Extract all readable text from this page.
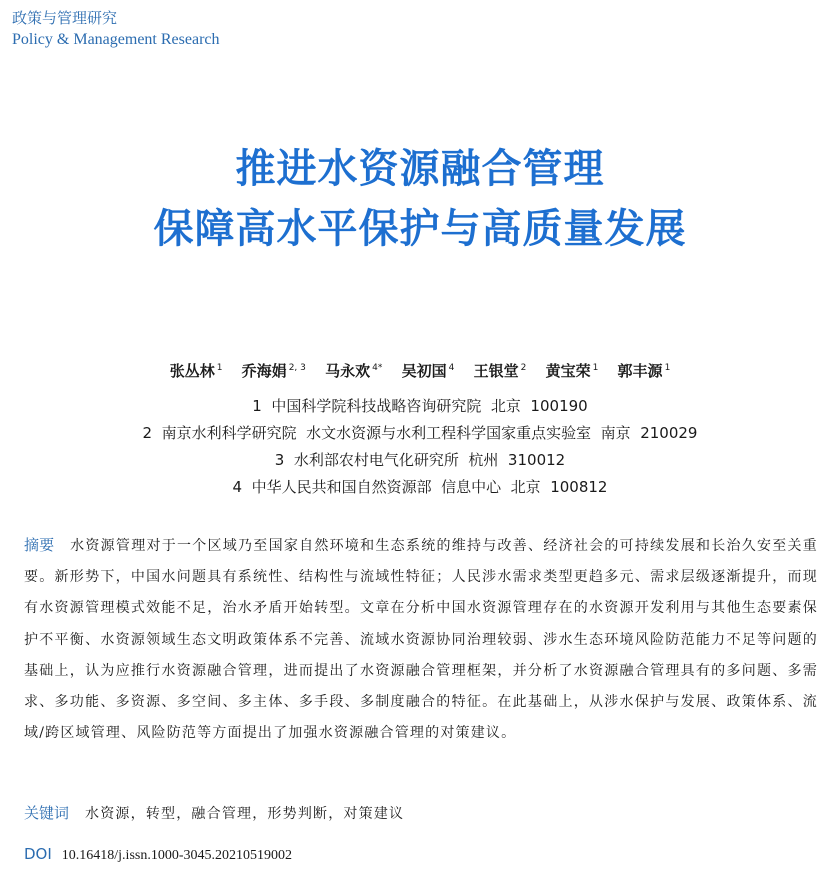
政策与管理研究
Policy & Management Research
推进水资源融合管理
保障高水平保护与高质量发展
张丛林 $^1$ 乔海娟 $^{2, 3}$ 马永欢 $^{4*}$ 吴初国 $^4$ 王银堂 $^2$ 黄宝荣 $^1$ 郭丰源 $^1$
1  中国科学院科技战略咨询研究院  北京  100190
2  南京水利科学研究院  水文水资源与水利工程科学国家重点实验室  南京  210029
3  水利部农村电气化研究所  杭州  310012
4  中华人民共和国自然资源部  信息中心  北京  100812
摘要 水资源管理对于一个区域乃至国家自然环境和生态系统的维持与改善、经济社会的可持续发展和长治久安至关重要。新形势下，中国水问题具有系统性、结构性与流域性特征；人民涉水需求类型更趋多元、需求层级逐渐提升，而现有水资源管理模式效能不足，治水矛盾开始转型。文章在分析中国水资源管理存在的水资源开发利用与其他生态要素保护不平衡、水资源领域生态文明政策体系不完善、流域水资源协同治理较弱、涉水生态环境风险防范能力不足等问题的基础上，认为应推行水资源融合管理，进而提出了水资源融合管理框架，并分析了水资源融合管理具有的多问题、多需求、多功能、多资源、多空间、多主体、多手段、多制度融合的特征。在此基础上，从涉水保护与发展、政策体系、流域/跨区域管理、风险防范等方面提出了加强水资源融合管理的对策建议。
关键词 水资源，转型，融合管理，形势判断，对策建议
DOI 10.16418/j.issn.1000-3045.20210519002
